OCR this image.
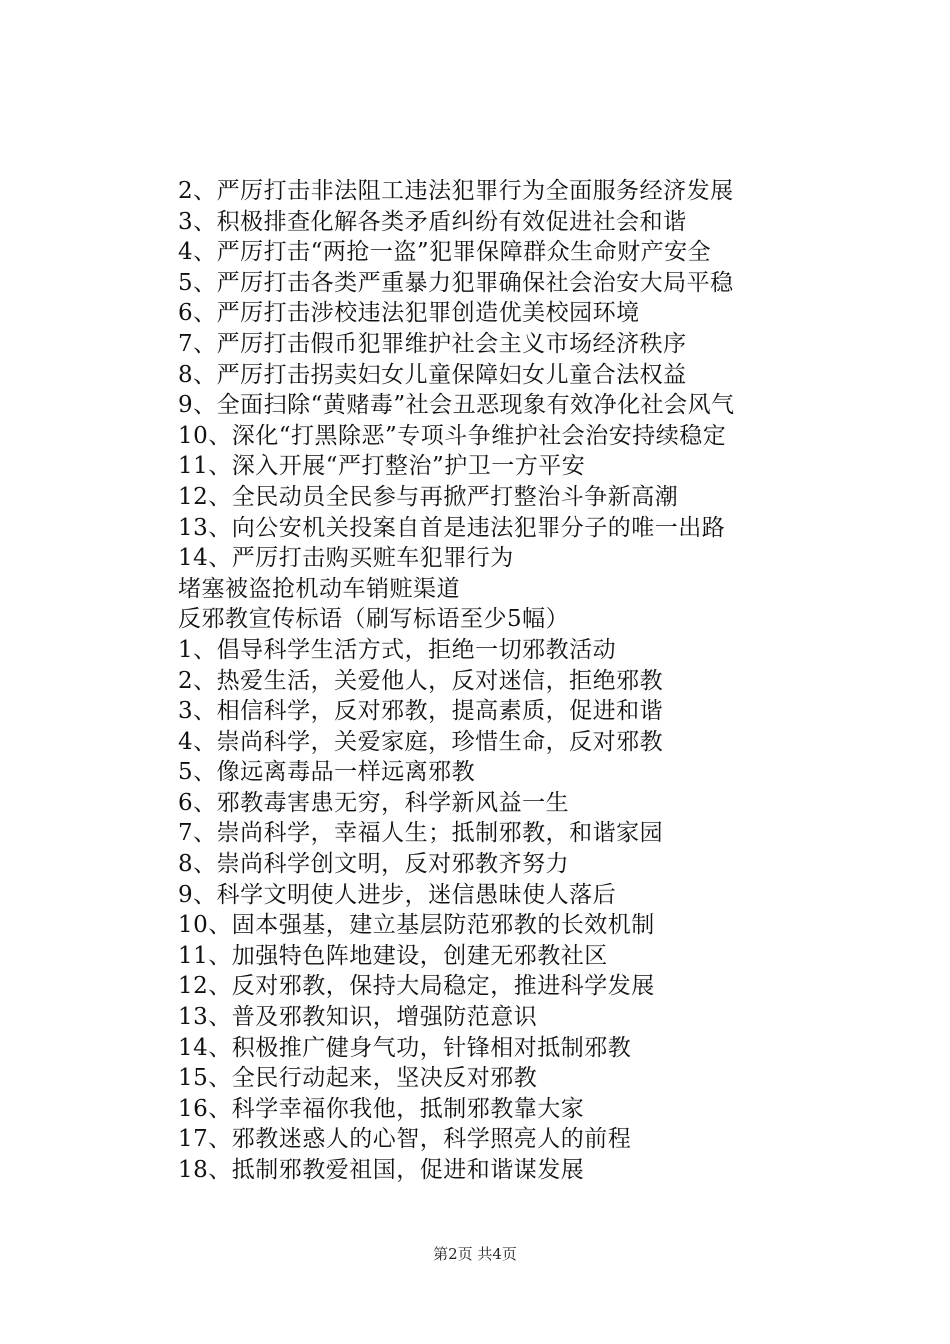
2、严厉打击非法阻工违法犯罪行为全面服务经济发展
3、积极排查化解各类矛盾纠纷有效促进社会和谐
4、严厉打击“两抢一盗”犯罪保障群众生命财产安全
5、严厉打击各类严重暴力犯罪确保社会治安大局平稳
6、严厉打击涉校违法犯罪创造优美校园环境
7、严厉打击假币犯罪维护社会主义市场经济秩序
8、严厉打击拐卖妇女儿童保障妇女儿童合法权益
9、全面扫除“黄赌毒”社会丑恶现象有效净化社会风气
10、深化“打黑除恶”专项斗争维护社会治安持续稳定
11、深入开展“严打整治”护卫一方平安
12、全民动员全民参与再掀严打整治斗争新高潮
13、向公安机关投案自首是违法犯罪分子的唯一出路
14、严厉打击购买赃车犯罪行为
堵塞被盗抢机动车销赃渠道
反邪教宣传标语（刷写标语至少5幅）
1、倡导科学生活方式，拒绝一切邪教活动
2、热爱生活，关爱他人，反对迷信，拒绝邪教
3、相信科学，反对邪教，提高素质，促进和谐
4、崇尚科学，关爱家庭，珍惜生命，反对邪教
5、像远离毒品一样远离邪教
6、邪教毒害患无穷，科学新风益一生
7、崇尚科学，幸福人生；抵制邪教，和谐家园
8、崇尚科学创文明，反对邪教齐努力
9、科学文明使人进步，迷信愚昧使人落后
10、固本强基，建立基层防范邪教的长效机制
11、加强特色阵地建设，创建无邪教社区
12、反对邪教，保持大局稳定，推进科学发展
13、普及邪教知识，增强防范意识
14、积极推广健身气功，针锋相对抵制邪教
15、全民行动起来，坚决反对邪教
16、科学幸福你我他，抵制邪教靠大家
17、邪教迷惑人的心智，科学照亮人的前程
18、抵制邪教爱祖国，促进和谐谋发展
第2页 共4页
